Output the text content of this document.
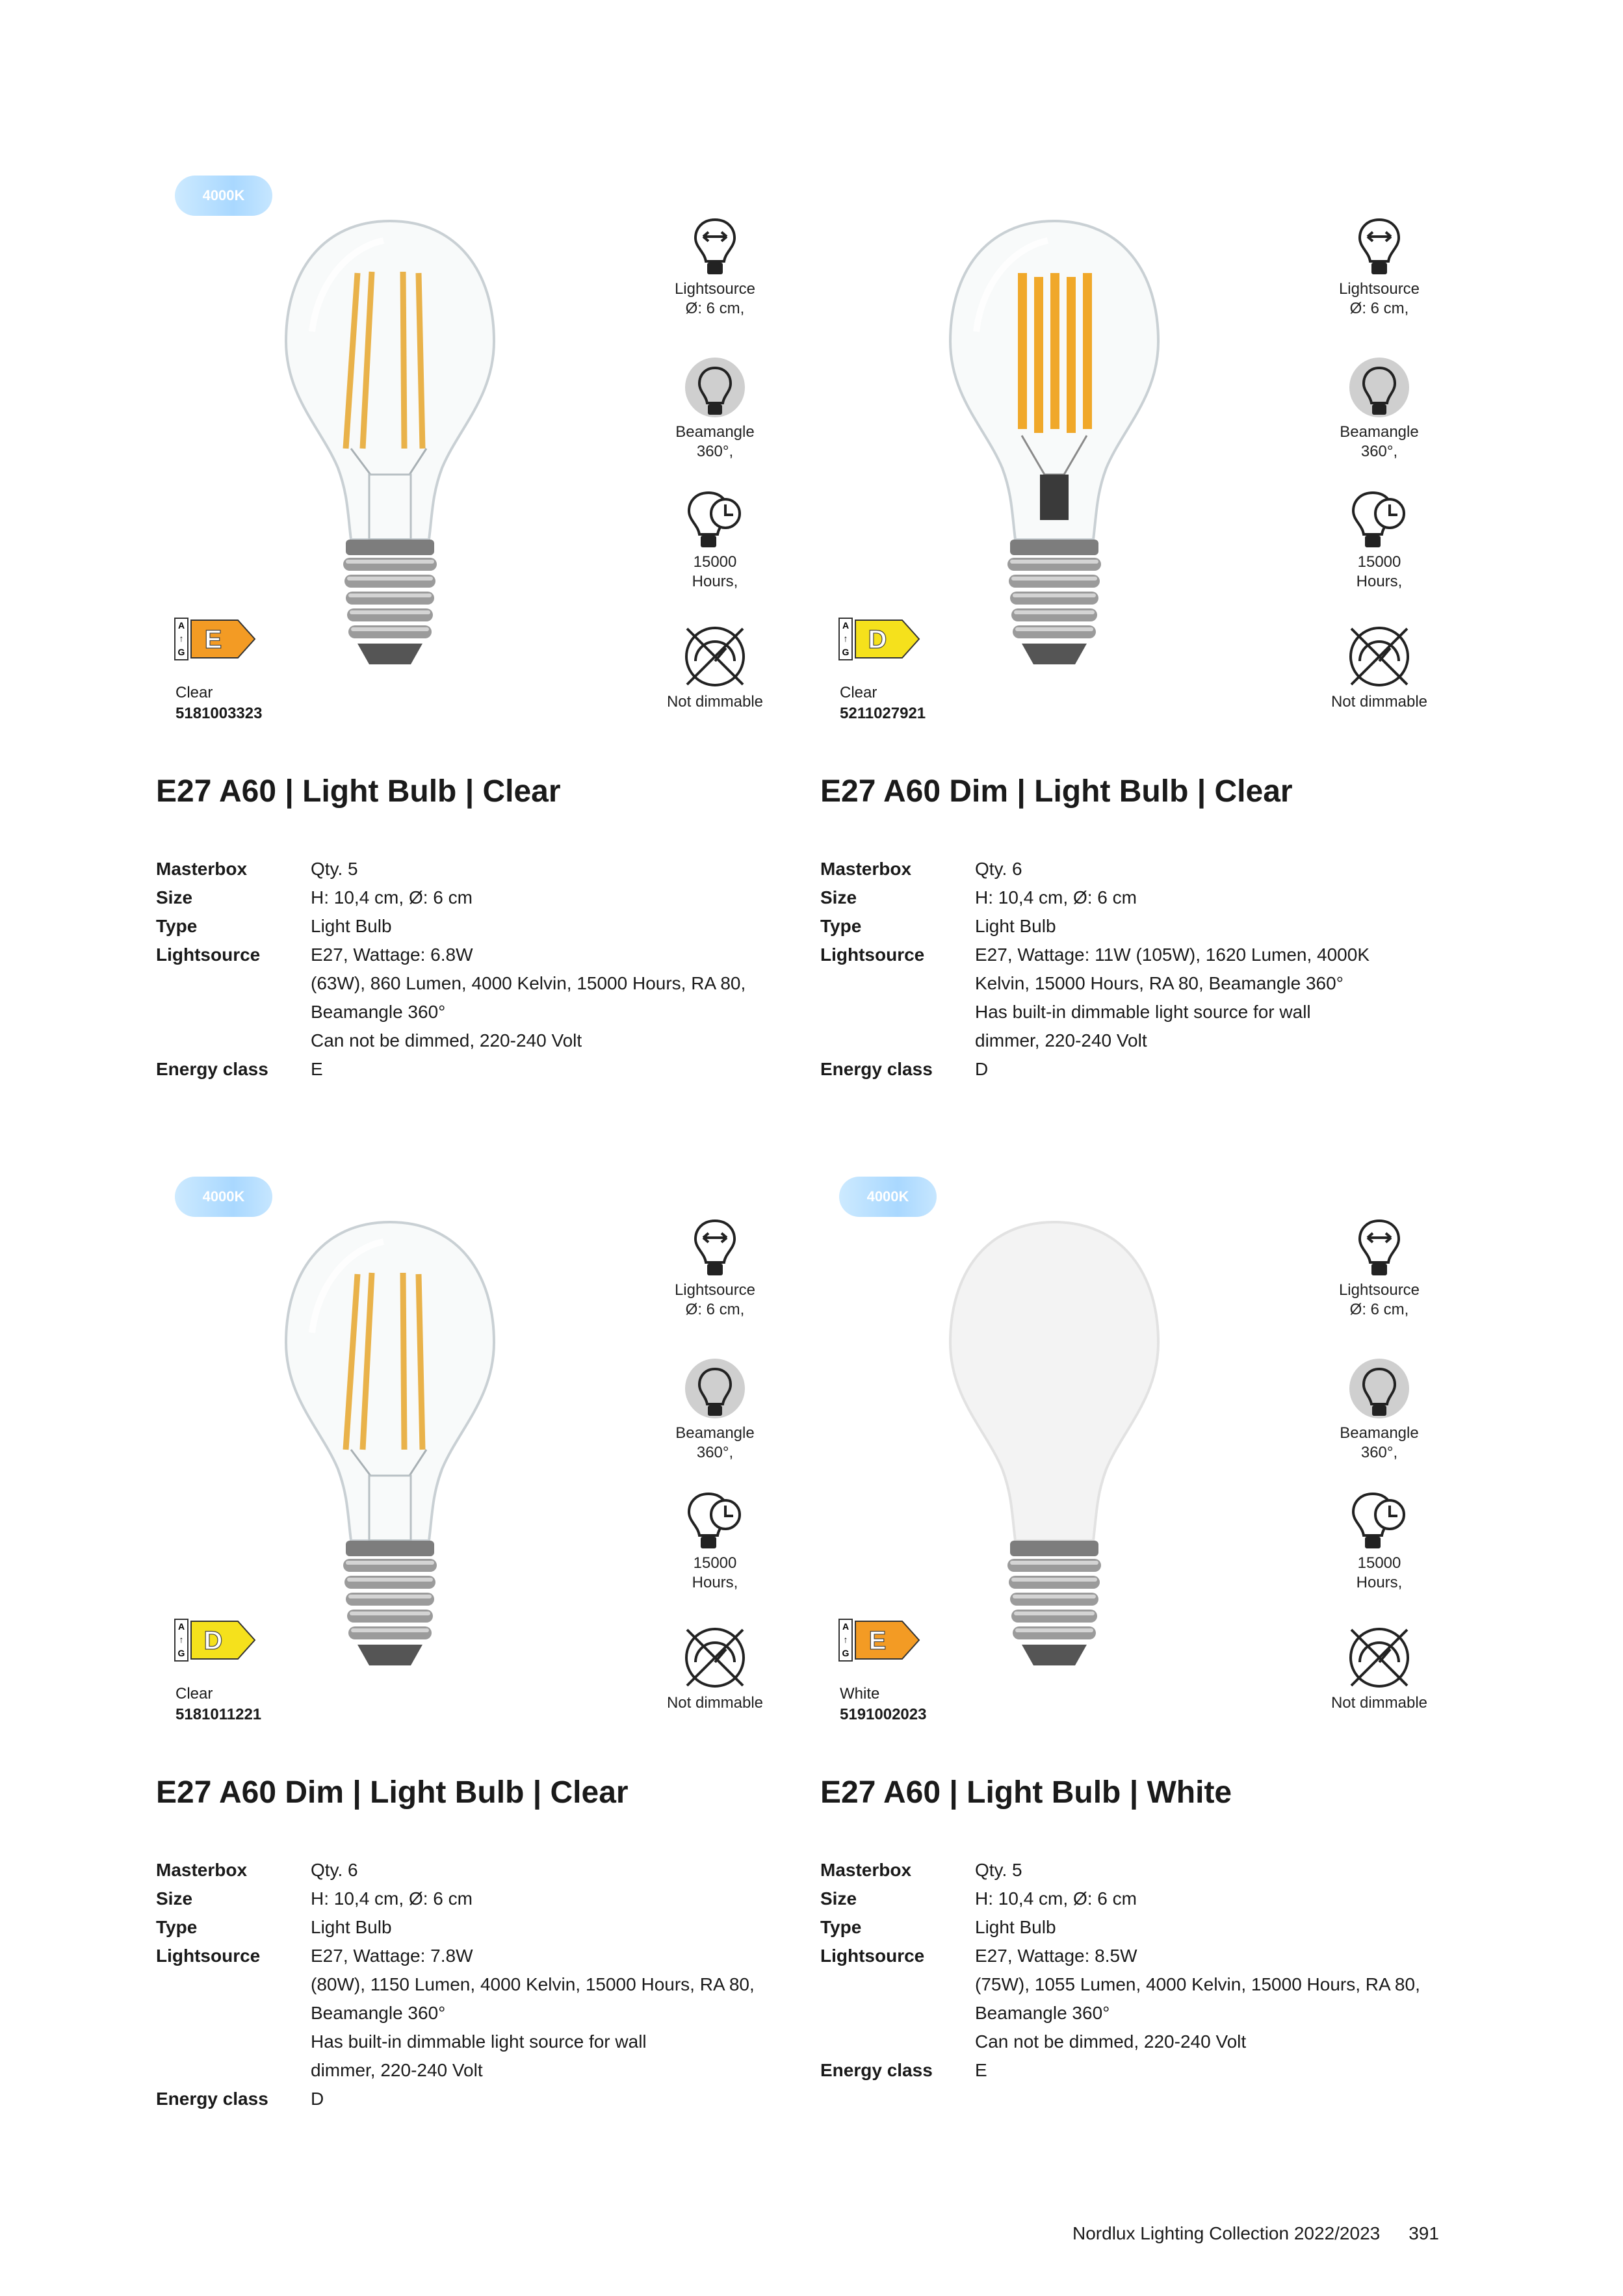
4000K
Lightsource
Ø: 6 cm,
Beamangle
360°,
15000
Hours,
Not dimmable
A
↑
G E
Clear
5181003323
E27 A60 | Light Bulb | Clear
Masterbox	Qty. 5
Size	H: 10,4 cm, Ø: 6 cm
Type	Light Bulb
Lightsource	E27, Wattage: 6.8W
(63W), 860 Lumen, 4000 Kelvin, 15000 Hours, RA 80,
Beamangle 360°
Can not be dimmed, 220-240 Volt
Energy class	E
Lightsource
Ø: 6 cm,
Beamangle
360°,
15000
Hours,
Not dimmable
A
↑
G D
Clear
5211027921
E27 A60 Dim | Light Bulb | Clear
Masterbox	Qty. 6
Size	H: 10,4 cm, Ø: 6 cm
Type	Light Bulb
Lightsource	E27, Wattage: 11W (105W), 1620 Lumen, 4000K
Kelvin, 15000 Hours, RA 80, Beamangle 360°
Has built-in dimmable light source for wall
dimmer, 220-240 Volt
Energy class	D
4000K
Lightsource
Ø: 6 cm,
Beamangle
360°,
15000
Hours,
Not dimmable
A
↑
G D
Clear
5181011221
E27 A60 Dim | Light Bulb | Clear
Masterbox	Qty. 6
Size	H: 10,4 cm, Ø: 6 cm
Type	Light Bulb
Lightsource	E27, Wattage: 7.8W
(80W), 1150 Lumen, 4000 Kelvin, 15000 Hours, RA 80,
Beamangle 360°
Has built-in dimmable light source for wall
dimmer, 220-240 Volt
Energy class	D
4000K
Lightsource
Ø: 6 cm,
Beamangle
360°,
15000
Hours,
Not dimmable
A
↑
G E
White
5191002023
E27 A60 | Light Bulb | White
Masterbox	Qty. 5
Size	H: 10,4 cm, Ø: 6 cm
Type	Light Bulb
Lightsource	E27, Wattage: 8.5W
(75W), 1055 Lumen, 4000 Kelvin, 15000 Hours, RA 80,
Beamangle 360°
Can not be dimmed, 220-240 Volt
Energy class	E
Nordlux Lighting Collection 2022/2023 391
